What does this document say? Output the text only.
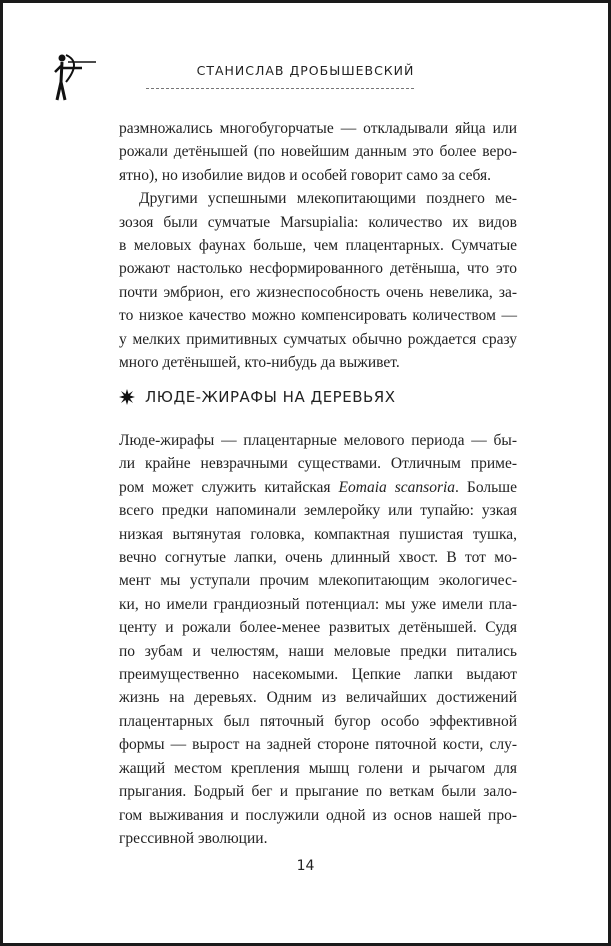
СТАНИСЛАВ ДРОБЫШЕВСКИЙ
размножались многобугорчатые — откладывали яйца или
рожали детёнышей (по новейшим данным это более веро-
ятно), но изобилие видов и особей говорит само за себя.
Другими успешными млекопитающими позднего ме-
зозоя были сумчатые Marsupialia: количество их видов
в меловых фаунах больше, чем плацентарных. Сумчатые
рожают настолько несформированного детёныша, что это
почти эмбрион, его жизнеспособность очень невелика, за-
то низкое качество можно компенсировать количеством —
у мелких примитивных сумчатых обычно рождается сразу
много детёнышей, кто-нибудь да выживет.
ЛЮДЕ-ЖИРАФЫ НА ДЕРЕВЬЯХ
Люде-жирафы — плацентарные мелового периода — бы-
ли крайне невзрачными существами. Отличным приме-
ром может служить китайская Eomaia scansoria. Больше
всего предки напоминали землеройку или тупайю: узкая
низкая вытянутая головка, компактная пушистая тушка,
вечно согнутые лапки, очень длинный хвост. В тот мо-
мент мы уступали прочим млекопитающим экологичес-
ки, но имели грандиозный потенциал: мы уже имели пла-
центу и рожали более-менее развитых детёнышей. Судя
по зубам и челюстям, наши меловые предки питались
преимущественно насекомыми. Цепкие лапки выдают
жизнь на деревьях. Одним из величайших достижений
плацентарных был пяточный бугор особо эффективной
формы — вырост на задней стороне пяточной кости, слу-
жащий местом крепления мышц голени и рычагом для
прыгания. Бодрый бег и прыгание по веткам были зало-
гом выживания и послужили одной из основ нашей про-
грессивной эволюции.
14
